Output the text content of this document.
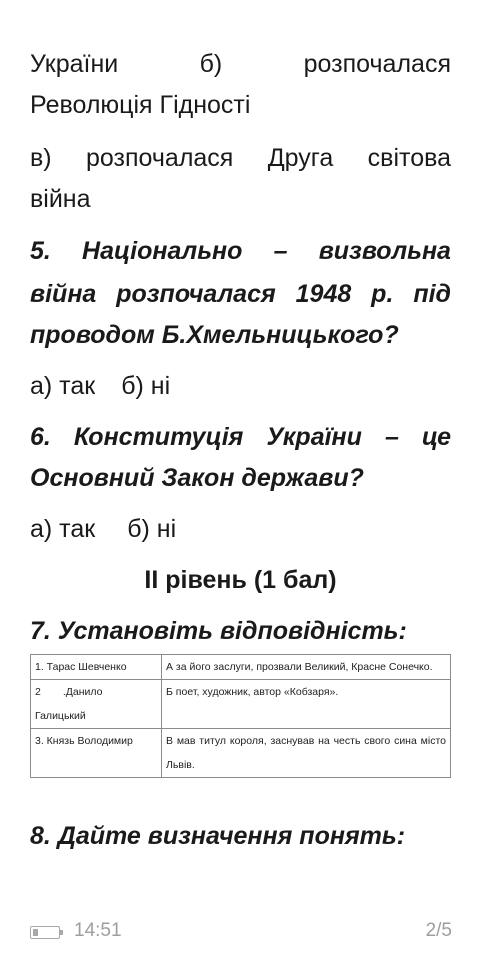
України	б)	розпочалася
Революція Гідності
в) розпочалася Друга світова
війна
5. Національно – визвольна
війна розпочалася 1948 р. під
проводом Б.Хмельницького?
а) так б) ні
6. Конституція України – це
Основний Закон держави?
а) так б) ні
ІІ рівень (1 бал)
7. Установіть відповідність:
1. Тарас Шевченко	А за його заслуги, прозвали Великий, Красне Сонечко.
2 .Данило
Галицький	Б поет, художник, автор «Кобзаря».
3. Князь Володимир	В мав титул короля, заснував на честь свого сина місто Львів.
8. Дайте визначення понять:
14:51	2/5
